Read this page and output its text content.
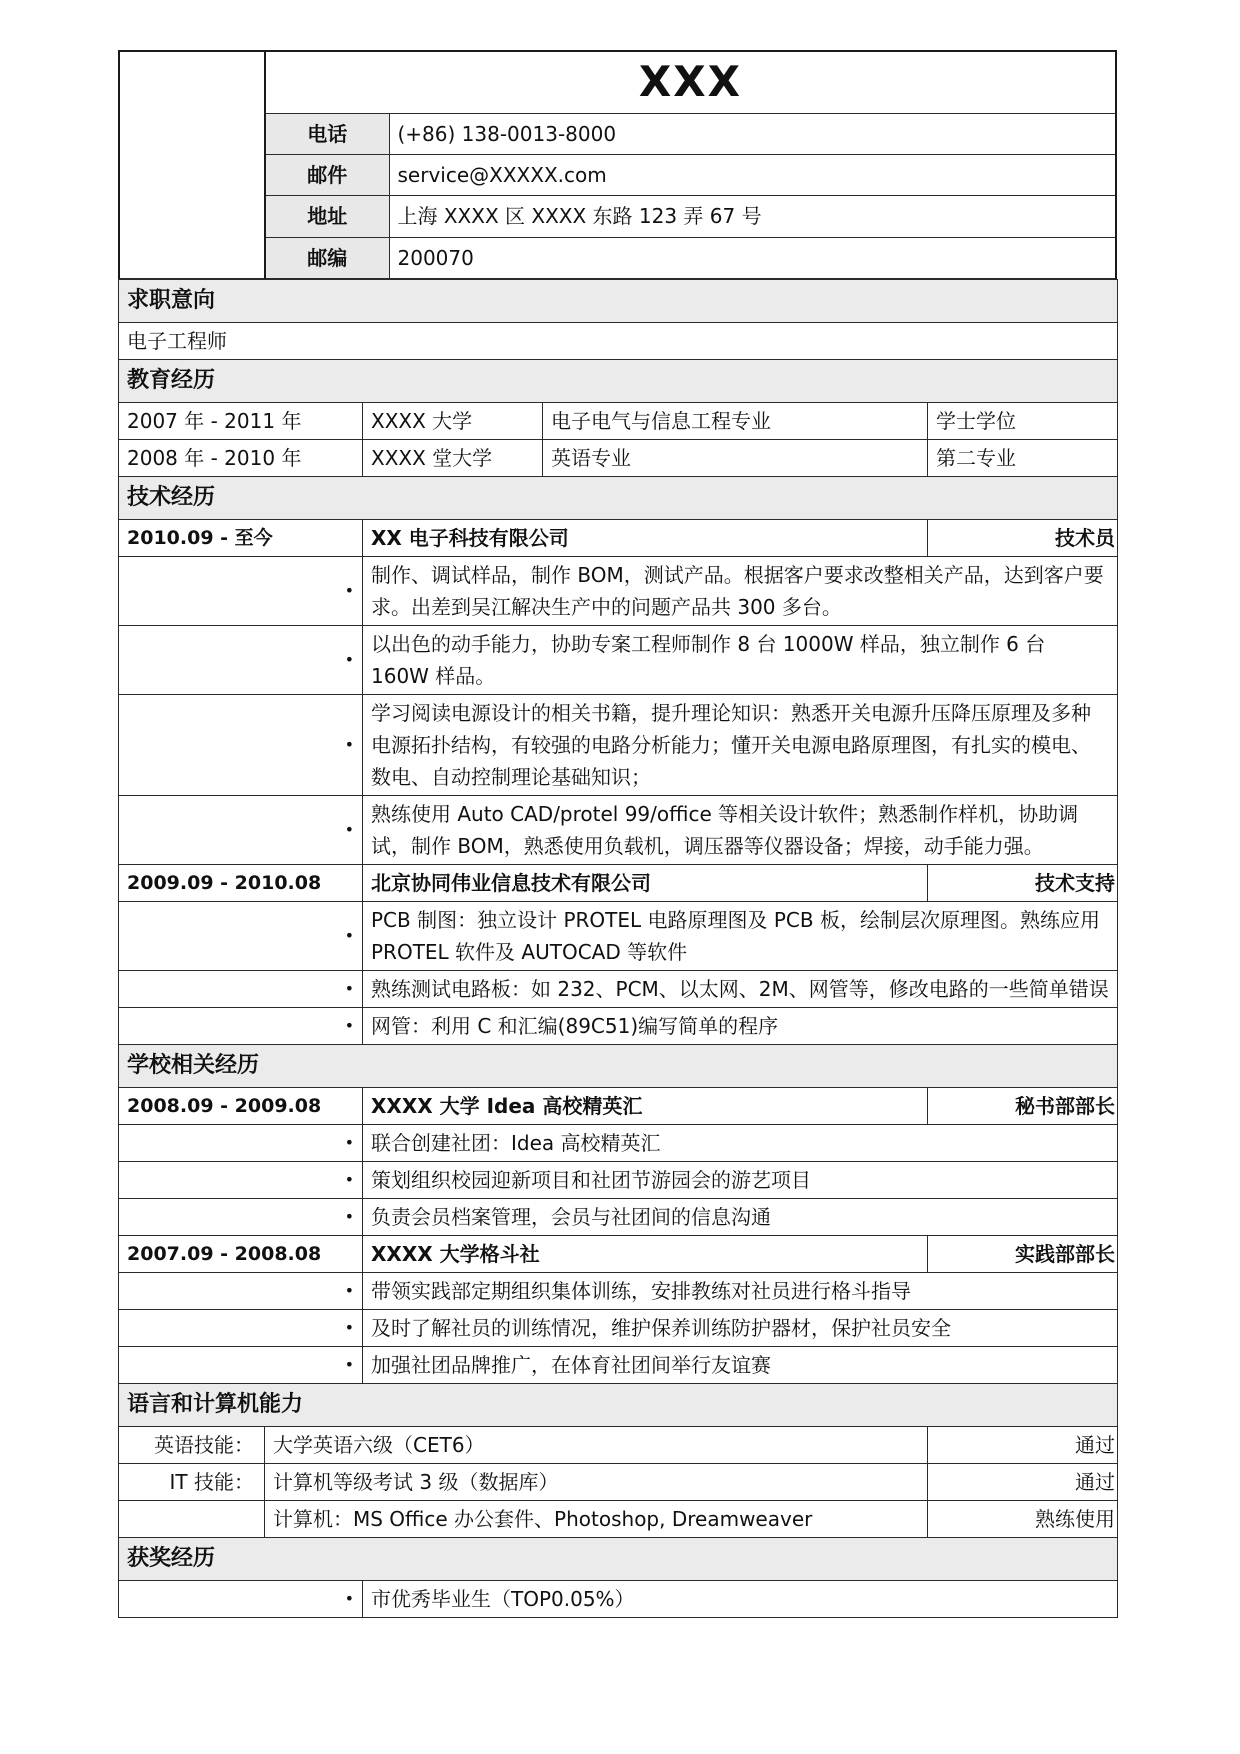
	XXX	
	电话	(+86) 138-0013-8000
	邮件	service@XXXXX.com
	地址	上海 XXXX 区 XXXX 东路 123 弄 67 号
	邮编	200070
求职意向				
电子工程师				
教育经历				
2007 年 - 2011 年		XXXX 大学	电子电气与信息工程专业	学士学位
2008 年 - 2010 年		XXXX 堂大学	英语专业	第二专业
技术经历				
2010.09 - 至今		XX 电子科技有限公司		技术员
•		制作、调试样品，制作 BOM，测试产品。根据客户要求改整相关产品，达到客户要求。出差到吴江解决生产中的问题产品共 300 多台。		
•		以出色的动手能力，协助专案工程师制作 8 台 1000W 样品，独立制作 6 台 160W 样品。		
•		学习阅读电源设计的相关书籍，提升理论知识：熟悉开关电源升压降压原理及多种电源拓扑结构，有较强的电路分析能力；懂开关电源电路原理图，有扎实的模电、数电、自动控制理论基础知识；		
•		熟练使用 Auto CAD/protel 99/office 等相关设计软件；熟悉制作样机，协助调试，制作 BOM，熟悉使用负载机，调压器等仪器设备；焊接，动手能力强。		
2009.09 - 2010.08		北京协同伟业信息技术有限公司		技术支持
•		PCB 制图：独立设计 PROTEL 电路原理图及 PCB 板，绘制层次原理图。熟练应用 PROTEL 软件及 AUTOCAD 等软件		
•		熟练测试电路板：如 232、PCM、以太网、2M、网管等，修改电路的一些简单错误		
•		网管：利用 C 和汇编(89C51)编写简单的程序		
学校相关经历				
2008.09 - 2009.08		XXXX 大学 Idea 高校精英汇		秘书部部长
•		联合创建社团：Idea 高校精英汇		
•		策划组织校园迎新项目和社团节游园会的游艺项目		
•		负责会员档案管理，会员与社团间的信息沟通		
2007.09 - 2008.08		XXXX 大学格斗社		实践部部长
•		带领实践部定期组织集体训练，安排教练对社员进行格斗指导		
•		及时了解社员的训练情况，维护保养训练防护器材，保护社员安全		
•		加强社团品牌推广，在体育社团间举行友谊赛		
语言和计算机能力				
英语技能：	大学英语六级（CET6）			通过
IT 技能：	计算机等级考试 3 级（数据库）			通过
	计算机：MS Office 办公套件、Photoshop, Dreamweaver			熟练使用
获奖经历				
•		市优秀毕业生（TOP0.05%）		
